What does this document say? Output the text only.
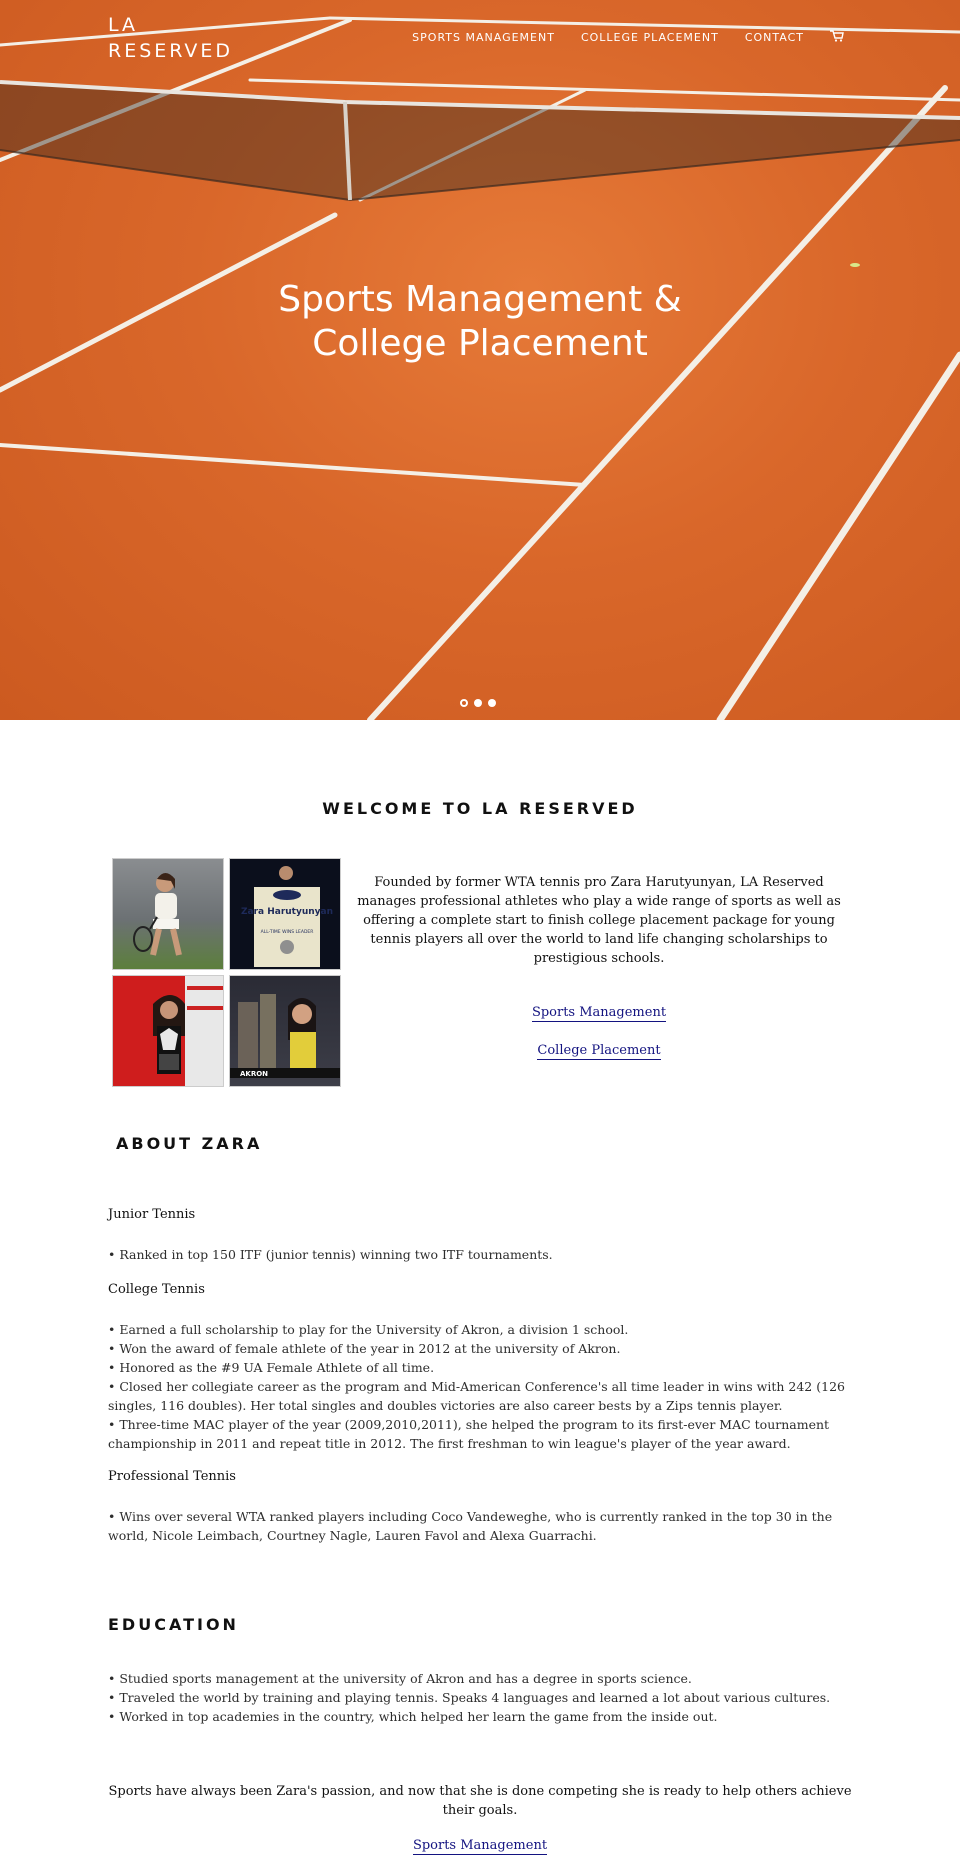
LA RESERVED
SPORTS MANAGEMENT COLLEGE PLACEMENT CONTACT
Sports Management &
College Placement
WELCOME TO LA RESERVED
Zara Harutyunyan
ALL-TIME WINS LEADER
AKRON
Founded by former WTA tennis pro Zara Harutyunyan, LA Reserved manages professional athletes who play a wide range of sports as well as offering a complete start to finish college placement package for young tennis players all over the world to land life changing scholarships to prestigious schools.
Sports Management
College Placement
ABOUT ZARA
Junior Tennis
• Ranked in top 150 ITF (junior tennis) winning two ITF tournaments.
College Tennis
• Earned a full scholarship to play for the University of Akron, a division 1 school.
• Won the award of female athlete of the year in 2012 at the university of Akron.
• Honored as the #9 UA Female Athlete of all time.
• Closed her collegiate career as the program and Mid-American Conference's all time leader in wins with 242 (126 singles, 116 doubles). Her total singles and doubles victories are also career bests by a Zips tennis player.
• Three-time MAC player of the year (2009,2010,2011), she helped the program to its first-ever MAC tournament championship in 2011 and repeat title in 2012. The first freshman to win league's player of the year award.
Professional Tennis
• Wins over several WTA ranked players including Coco Vandeweghe, who is currently ranked in the top 30 in the world, Nicole Leimbach, Courtney Nagle, Lauren Favol and Alexa Guarrachi.
EDUCATION
• Studied sports management at the university of Akron and has a degree in sports science.
• Traveled the world by training and playing tennis. Speaks 4 languages and learned a lot about various cultures.
• Worked in top academies in the country, which helped her learn the game from the inside out.
Sports have always been Zara's passion, and now that she is done competing she is ready to help others achieve their goals.
Sports Management
